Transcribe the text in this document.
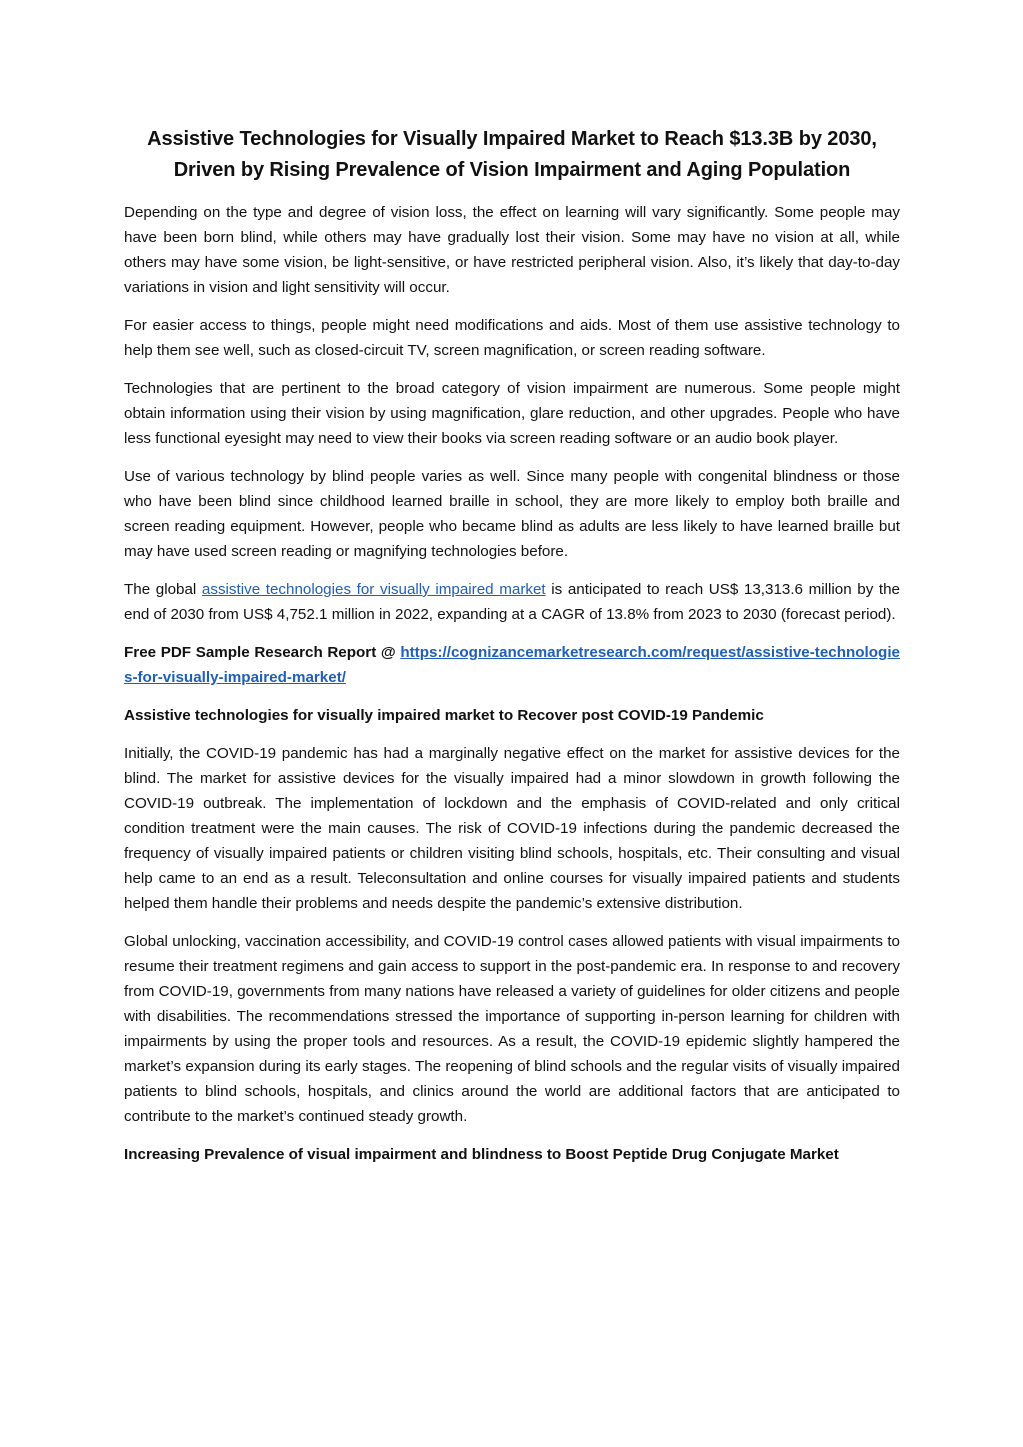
Assistive Technologies for Visually Impaired Market to Reach $13.3B by 2030,
Driven by Rising Prevalence of Vision Impairment and Aging Population

Depending on the type and degree of vision loss, the effect on learning will vary significantly. Some people may have been born blind, while others may have gradually lost their vision. Some may have no vision at all, while others may have some vision, be light-sensitive, or have restricted peripheral vision. Also, it’s likely that day-to-day variations in vision and light sensitivity will occur.

For easier access to things, people might need modifications and aids. Most of them use assistive technology to help them see well, such as closed-circuit TV, screen magnification, or screen reading software.

Technologies that are pertinent to the broad category of vision impairment are numerous. Some people might obtain information using their vision by using magnification, glare reduction, and other upgrades. People who have less functional eyesight may need to view their books via screen reading software or an audio book player.

Use of various technology by blind people varies as well. Since many people with congenital blindness or those who have been blind since childhood learned braille in school, they are more likely to employ both braille and screen reading equipment. However, people who became blind as adults are less likely to have learned braille but may have used screen reading or magnifying technologies before.

The global assistive technologies for visually impaired market is anticipated to reach US$ 13,313.6 million by the end of 2030 from US$ 4,752.1 million in 2022, expanding at a CAGR of 13.8% from 2023 to 2030 (forecast period).

Free PDF Sample Research Report @ https://cognizancemarketresearch.com/request/assistive-technologies-for-visually-impaired-market/

Assistive technologies for visually impaired market to Recover post COVID-19 Pandemic

Initially, the COVID-19 pandemic has had a marginally negative effect on the market for assistive devices for the blind. The market for assistive devices for the visually impaired had a minor slowdown in growth following the COVID-19 outbreak. The implementation of lockdown and the emphasis of COVID-related and only critical condition treatment were the main causes. The risk of COVID-19 infections during the pandemic decreased the frequency of visually impaired patients or children visiting blind schools, hospitals, etc. Their consulting and visual help came to an end as a result. Teleconsultation and online courses for visually impaired patients and students helped them handle their problems and needs despite the pandemic’s extensive distribution.

Global unlocking, vaccination accessibility, and COVID-19 control cases allowed patients with visual impairments to resume their treatment regimens and gain access to support in the post-pandemic era. In response to and recovery from COVID-19, governments from many nations have released a variety of guidelines for older citizens and people with disabilities. The recommendations stressed the importance of supporting in-person learning for children with impairments by using the proper tools and resources. As a result, the COVID-19 epidemic slightly hampered the market’s expansion during its early stages. The reopening of blind schools and the regular visits of visually impaired patients to blind schools, hospitals, and clinics around the world are additional factors that are anticipated to contribute to the market’s continued steady growth.

Increasing Prevalence of visual impairment and blindness to Boost Peptide Drug Conjugate Market
